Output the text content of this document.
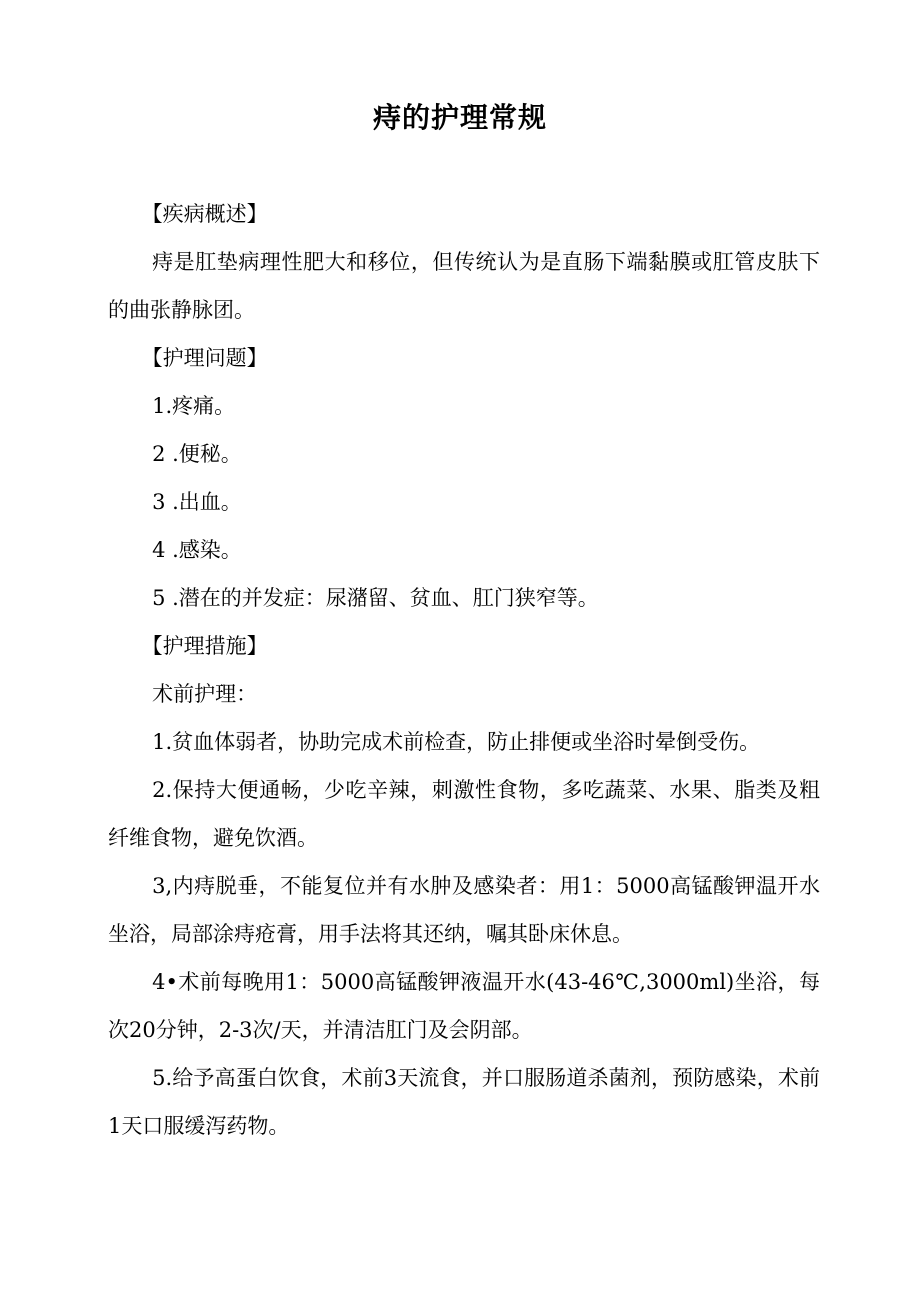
痔的护理常规
【疾病概述】

痔是肛垫病理性肥大和移位，但传统认为是直肠下端黏膜或肛管皮肤下的曲张静脉团。

【护理问题】

1.疼痛。

2 .便秘。

3 .出血。

4 .感染。

5 .潜在的并发症：尿潴留、贫血、肛门狭窄等。

【护理措施】

术前护理：

1.贫血体弱者，协助完成术前检查，防止排便或坐浴时晕倒受伤。

2.保持大便通畅，少吃辛辣，刺激性食物，多吃蔬菜、水果、脂类及粗纤维食物，避免饮酒。

3,内痔脱垂，不能复位并有水肿及感染者：用1：5000高锰酸钾温开水坐浴，局部涂痔疮膏，用手法将其还纳，嘱其卧床休息。

4•术前每晚用1：5000高锰酸钾液温开水(43-46℃,3000ml)坐浴，每次20分钟，2-3次/天，并清洁肛门及会阴部。

5.给予高蛋白饮食，术前3天流食，并口服肠道杀菌剂，预防感染，术前1天口服缓泻药物。
